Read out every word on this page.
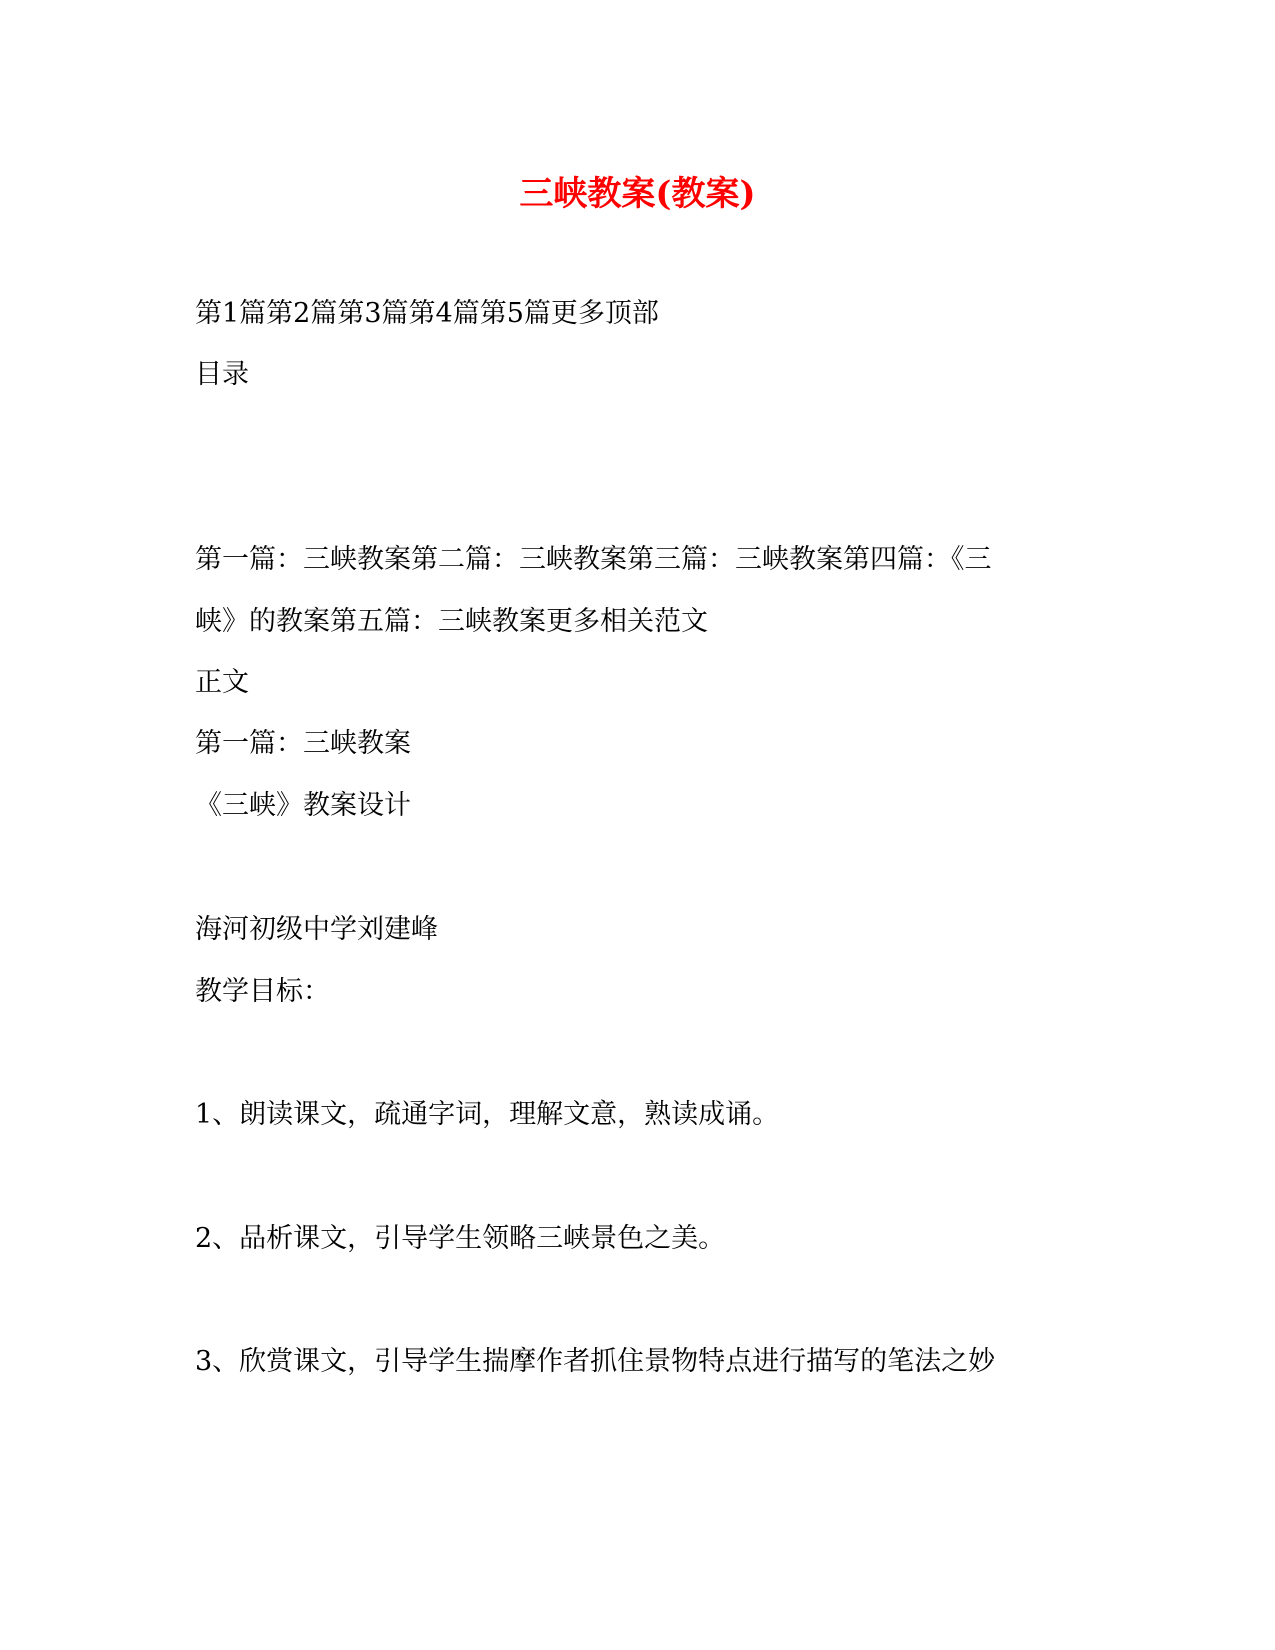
三峡教案(教案)

第1篇第2篇第3篇第4篇第5篇更多顶部

目录

第一篇：三峡教案第二篇：三峡教案第三篇：三峡教案第四篇：《三

峡》的教案第五篇：三峡教案更多相关范文

正文

第一篇：三峡教案

《三峡》教案设计

海河初级中学刘建峰

教学目标：

1、朗读课文，疏通字词，理解文意，熟读成诵。

2、品析课文，引导学生领略三峡景色之美。

3、欣赏课文，引导学生揣摩作者抓住景物特点进行描写的笔法之妙
